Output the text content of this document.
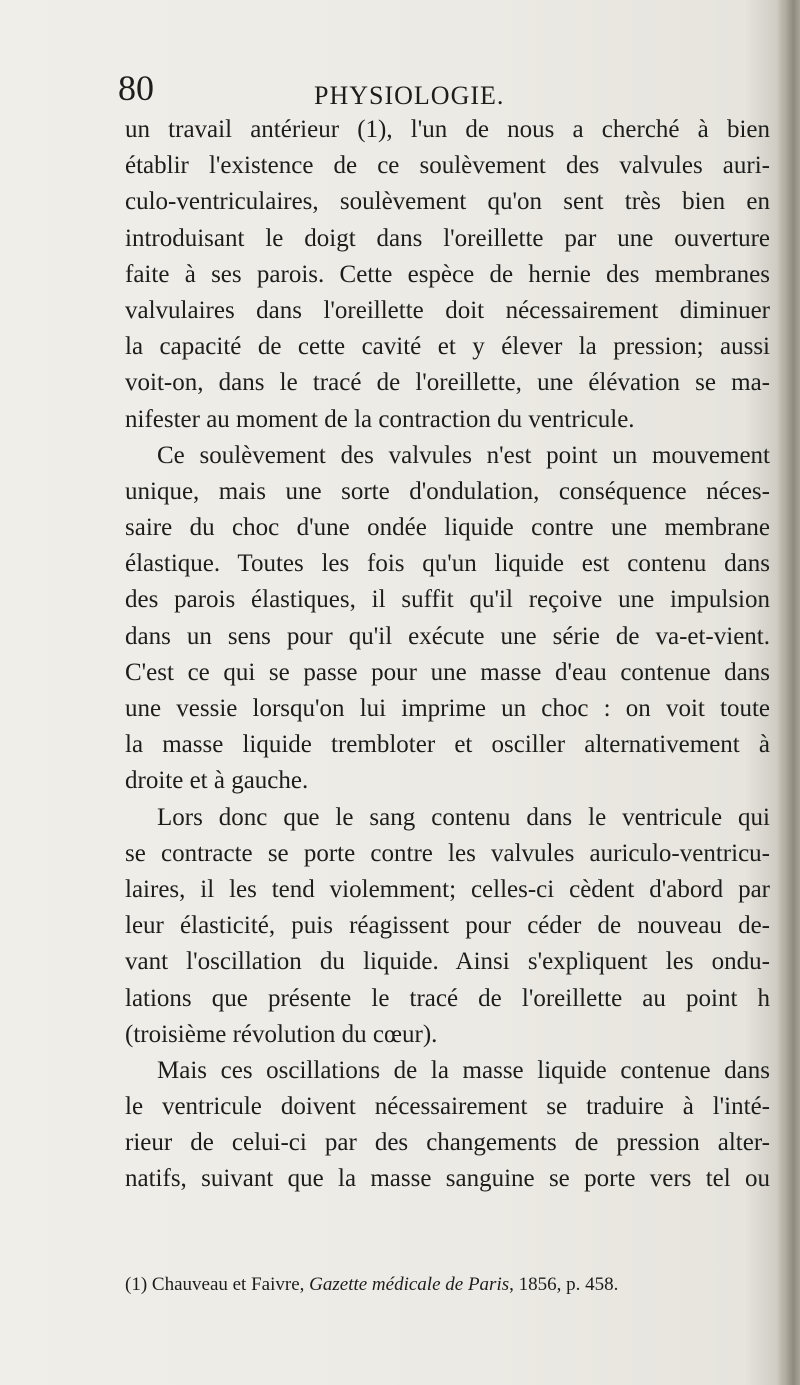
80	PHYSIOLOGIE.
un travail antérieur (1), l'un de nous a cherché à bien
établir l'existence de ce soulèvement des valvules auri-
culo-ventriculaires, soulèvement qu'on sent très bien en
introduisant le doigt dans l'oreillette par une ouverture
faite à ses parois. Cette espèce de hernie des membranes
valvulaires dans l'oreillette doit nécessairement diminuer
la capacité de cette cavité et y élever la pression; aussi
voit-on, dans le tracé de l'oreillette, une élévation se ma-
nifester au moment de la contraction du ventricule.
Ce soulèvement des valvules n'est point un mouvement
unique, mais une sorte d'ondulation, conséquence néces-
saire du choc d'une ondée liquide contre une membrane
élastique. Toutes les fois qu'un liquide est contenu dans
des parois élastiques, il suffit qu'il reçoive une impulsion
dans un sens pour qu'il exécute une série de va-et-vient.
C'est ce qui se passe pour une masse d'eau contenue dans
une vessie lorsqu'on lui imprime un choc : on voit toute
la masse liquide trembloter et osciller alternativement à
droite et à gauche.
Lors donc que le sang contenu dans le ventricule qui
se contracte se porte contre les valvules auriculo-ventricu-
laires, il les tend violemment; celles-ci cèdent d'abord par
leur élasticité, puis réagissent pour céder de nouveau de-
vant l'oscillation du liquide. Ainsi s'expliquent les ondu-
lations que présente le tracé de l'oreillette au point h
(troisième révolution du cœur).
Mais ces oscillations de la masse liquide contenue dans
le ventricule doivent nécessairement se traduire à l'inté-
rieur de celui-ci par des changements de pression alter-
natifs, suivant que la masse sanguine se porte vers tel ou
(1) Chauveau et Faivre, Gazette médicale de Paris, 1856, p. 458.
